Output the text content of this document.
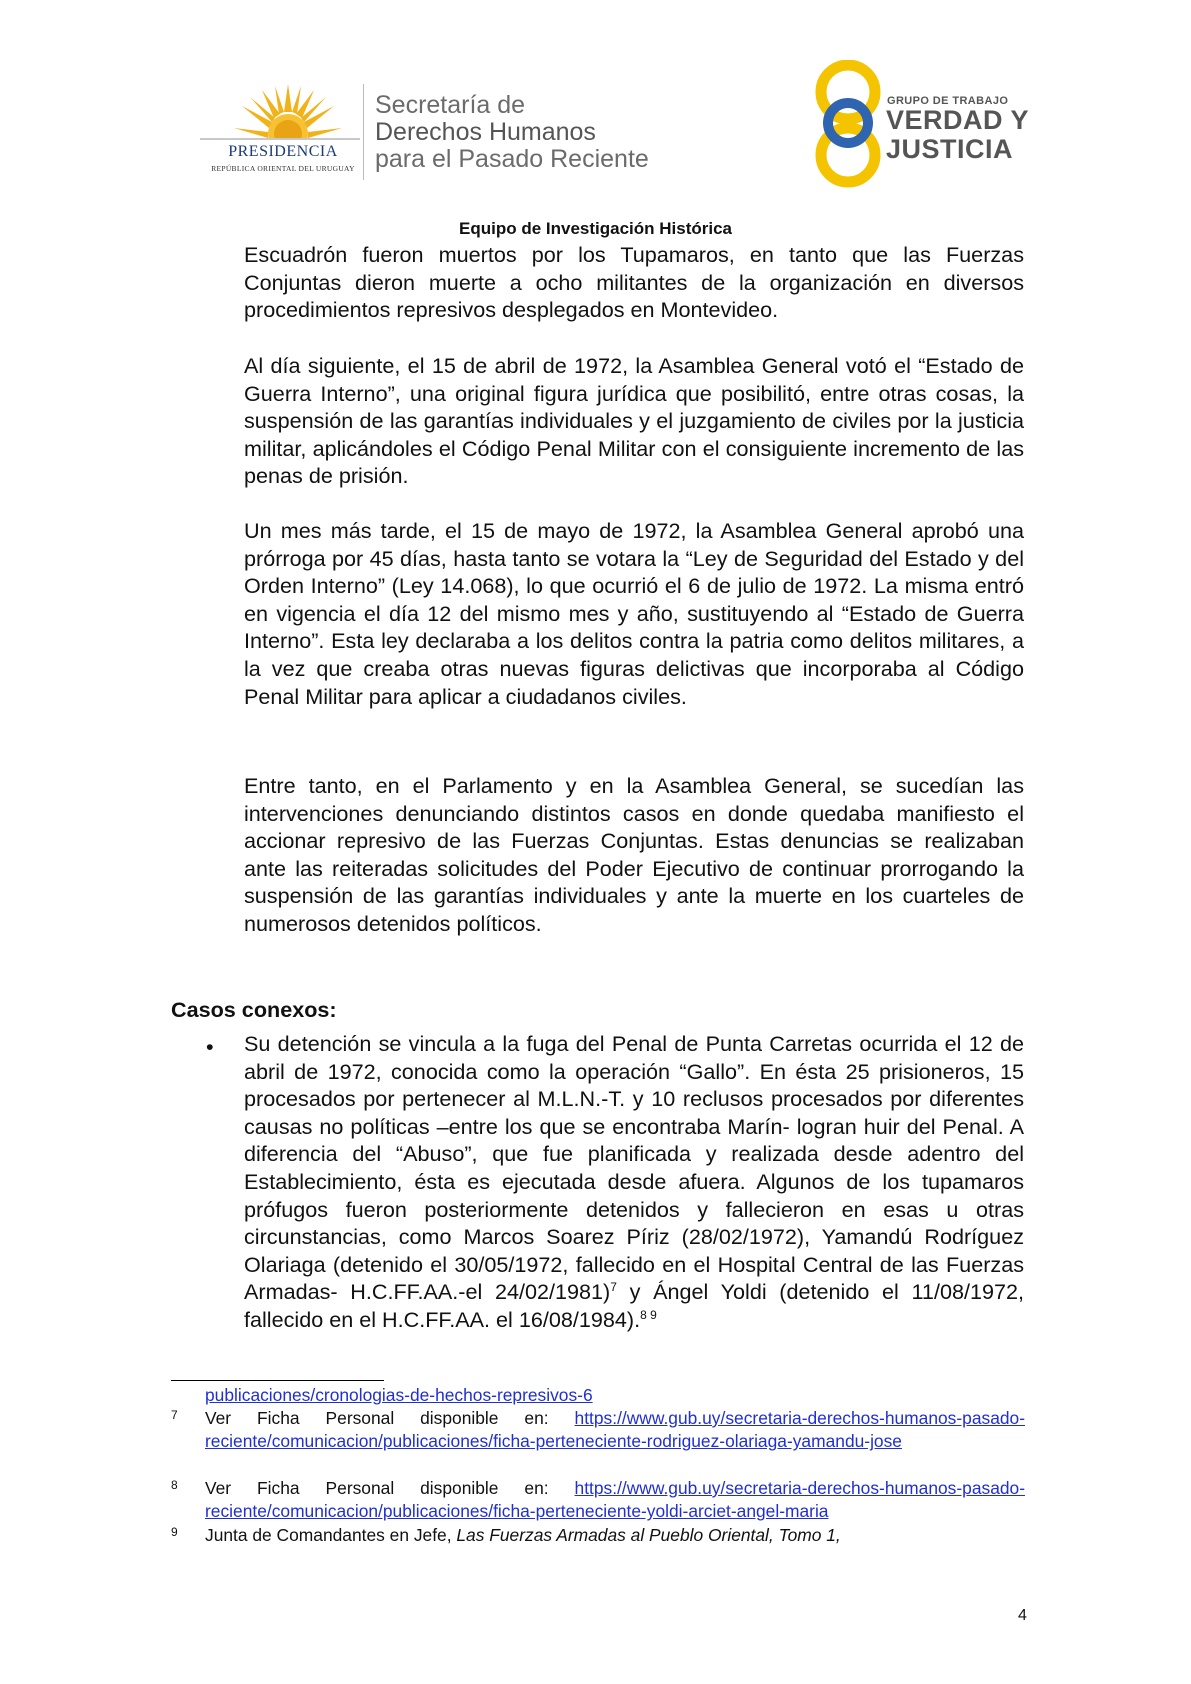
PRESIDENCIA
REPÚBLICA ORIENTAL DEL URUGUAY
Secretaría de
Derechos Humanos
para el Pasado Reciente
GRUPO DE TRABAJO
VERDAD Y
JUSTICIA
Equipo de Investigación Histórica

Escuadrón fueron muertos por los Tupamaros, en tanto que las Fuerzas Conjuntas dieron muerte a ocho militantes de la organización en diversos procedimientos represivos desplegados en Montevideo.

Al día siguiente, el 15 de abril de 1972, la Asamblea General votó el “Estado de Guerra Interno”, una original figura jurídica que posibilitó, entre otras cosas, la suspensión de las garantías individuales y el juzgamiento de civiles por la justicia militar, aplicándoles el Código Penal Militar con el consiguiente incremento de las penas de prisión.

Un mes más tarde, el 15 de mayo de 1972, la Asamblea General aprobó una prórroga por 45 días, hasta tanto se votara la “Ley de Seguridad del Estado y del Orden Interno” (Ley 14.068), lo que ocurrió el 6 de julio de 1972. La misma entró en vigencia el día 12 del mismo mes y año, sustituyendo al “Estado de Guerra Interno”. Esta ley declaraba a los delitos contra la patria como delitos militares, a la vez que creaba otras nuevas figuras delictivas que incorporaba al Código Penal Militar para aplicar a ciudadanos civiles.

Entre tanto, en el Parlamento y en la Asamblea General, se sucedían las intervenciones denunciando distintos casos en donde quedaba manifiesto el accionar represivo de las Fuerzas Conjuntas. Estas denuncias se realizaban ante las reiteradas solicitudes del Poder Ejecutivo de continuar prorrogando la suspensión de las garantías individuales y ante la muerte en los cuarteles de numerosos detenidos políticos.

Casos conexos:

• Su detención se vincula a la fuga del Penal de Punta Carretas ocurrida el 12 de abril de 1972, conocida como la operación “Gallo”. En ésta 25 prisioneros, 15 procesados por pertenecer al M.L.N.-T. y 10 reclusos procesados por diferentes causas no políticas –entre los que se encontraba Marín- logran huir del Penal. A diferencia del “Abuso”, que fue planificada y realizada desde adentro del Establecimiento, ésta es ejecutada desde afuera. Algunos de los tupamaros prófugos fueron posteriormente detenidos y fallecieron en esas u otras circunstancias, como Marcos Soarez Píriz (28/02/1972), Yamandú Rodríguez Olariaga (detenido el 30/05/1972, fallecido en el Hospital Central de las Fuerzas Armadas- H.C.FF.AA.-el 24/02/1981)$^7$ y Ángel Yoldi (detenido el 11/08/1972, fallecido en el H.C.FF.AA. el 16/08/1984).$^{8 9}$

publicaciones/cronologias-de-hechos-represivos-6

7 Ver Ficha Personal disponible en: https://www.gub.uy/secretaria-derechos-humanos-pasado-reciente/comunicacion/publicaciones/ficha-perteneciente-rodriguez-olariaga-yamandu-jose

8 Ver Ficha Personal disponible en: https://www.gub.uy/secretaria-derechos-humanos-pasado-reciente/comunicacion/publicaciones/ficha-perteneciente-yoldi-arciet-angel-maria

9 Junta de Comandantes en Jefe, Las Fuerzas Armadas al Pueblo Oriental, Tomo 1,

4
